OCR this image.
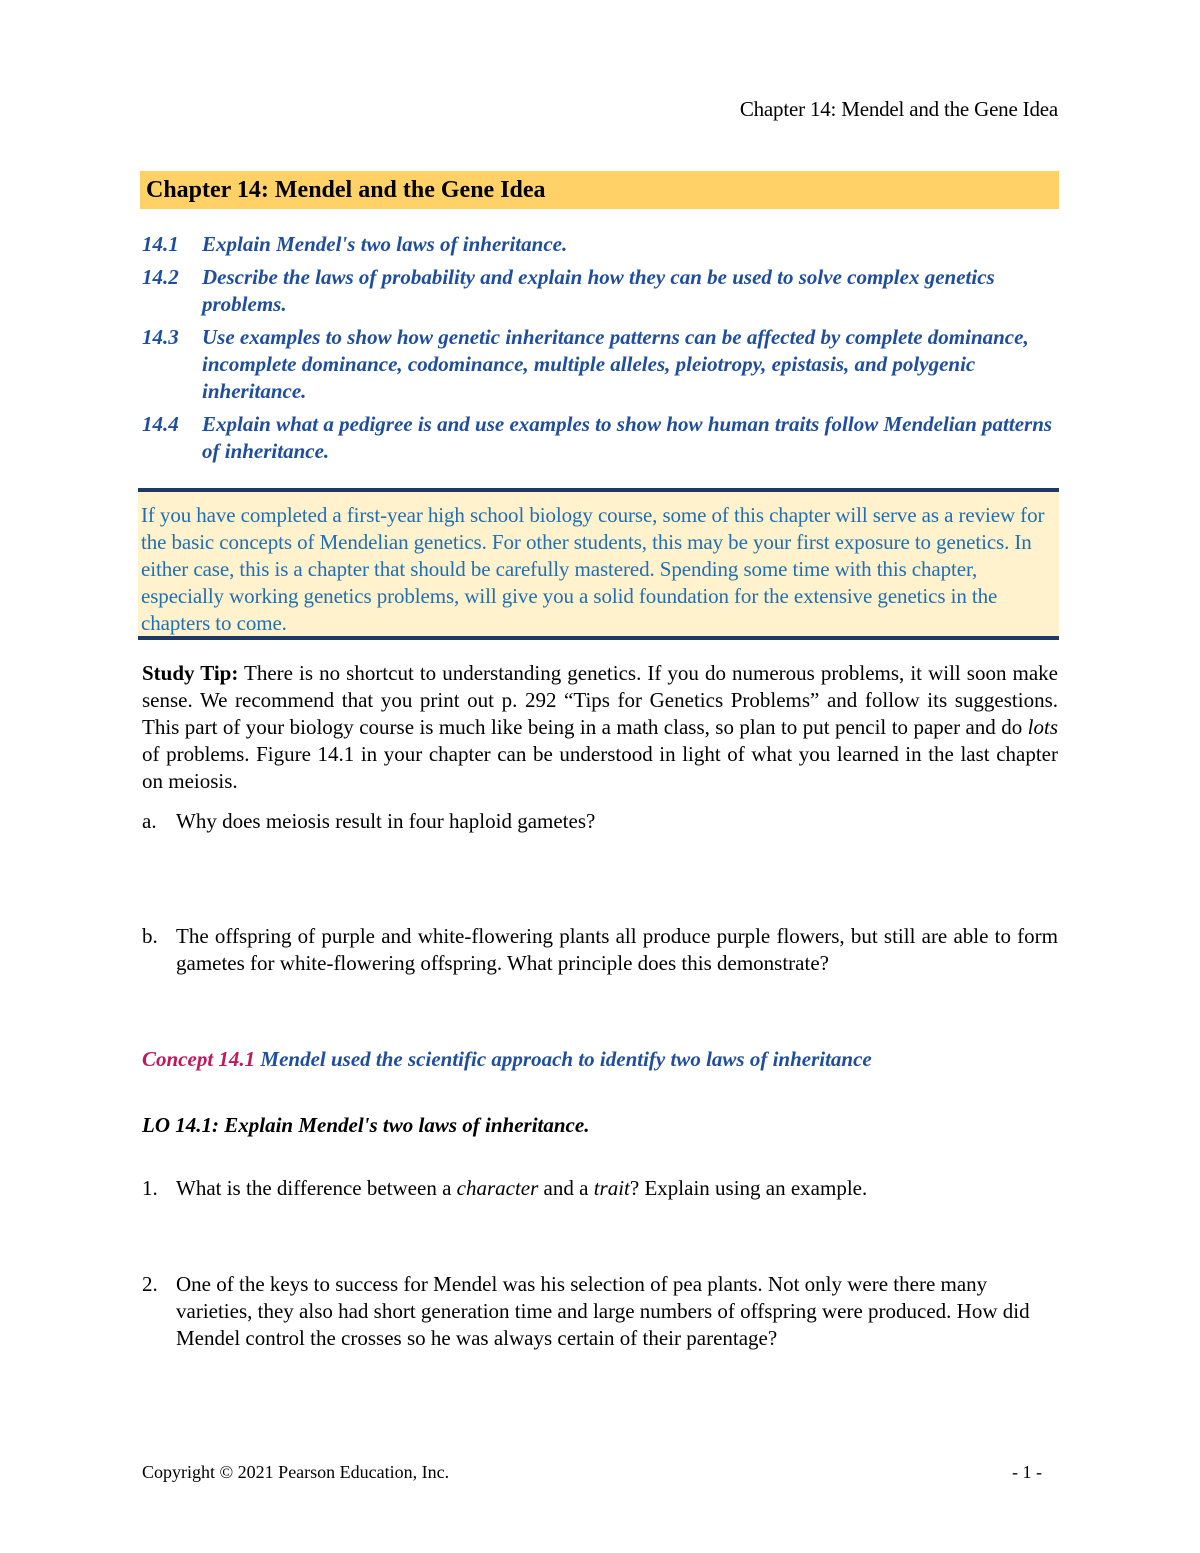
Chapter 14: Mendel and the Gene Idea
Chapter 14: Mendel and the Gene Idea
14.1	Explain Mendel's two laws of inheritance.
14.2	Describe the laws of probability and explain how they can be used to solve complex genetics problems.
14.3	Use examples to show how genetic inheritance patterns can be affected by complete dominance, incomplete dominance, codominance, multiple alleles, pleiotropy, epistasis, and polygenic inheritance.
14.4	Explain what a pedigree is and use examples to show how human traits follow Mendelian patterns of inheritance.
If you have completed a first-year high school biology course, some of this chapter will serve as a review for the basic concepts of Mendelian genetics. For other students, this may be your first exposure to genetics. In either case, this is a chapter that should be carefully mastered. Spending some time with this chapter, especially working genetics problems, will give you a solid foundation for the extensive genetics in the chapters to come.
Study Tip: There is no shortcut to understanding genetics. If you do numerous problems, it will soon make sense. We recommend that you print out p. 292 “Tips for Genetics Problems” and follow its suggestions. This part of your biology course is much like being in a math class, so plan to put pencil to paper and do lots of problems. Figure 14.1 in your chapter can be understood in light of what you learned in the last chapter on meiosis.
a. Why does meiosis result in four haploid gametes?
b. The offspring of purple and white-flowering plants all produce purple flowers, but still are able to form gametes for white-flowering offspring. What principle does this demonstrate?
Concept 14.1 Mendel used the scientific approach to identify two laws of inheritance
LO 14.1: Explain Mendel's two laws of inheritance.
1. What is the difference between a character and a trait? Explain using an example.
2. One of the keys to success for Mendel was his selection of pea plants. Not only were there many varieties, they also had short generation time and large numbers of offspring were produced. How did Mendel control the crosses so he was always certain of their parentage?
Copyright © 2021 Pearson Education, Inc.	- 1 -
